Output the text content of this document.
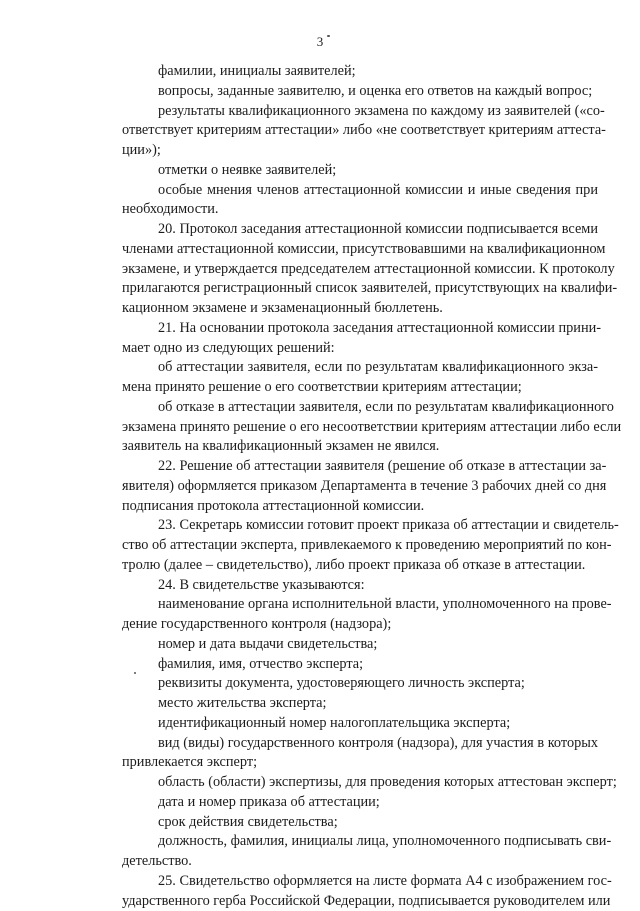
3
фамилии, инициалы заявителей;
вопросы, заданные заявителю, и оценка его ответов на каждый вопрос;
результаты квалификационного экзамена по каждому из заявителей («со-
ответствует критериям аттестации» либо «не соответствует критериям аттеста-
ции»);
отметки о неявке заявителей;
особые мнения членов аттестационной комиссии и иные сведения при
необходимости.
20. Протокол заседания аттестационной комиссии подписывается всеми
членами аттестационной комиссии, присутствовавшими на квалификационном
экзамене, и утверждается председателем аттестационной комиссии. К протоколу
прилагаются регистрационный список заявителей, присутствующих на квалифи-
кационном экзамене и экзаменационный бюллетень.
21. На основании протокола заседания аттестационной комиссии прини-
мает одно из следующих решений:
об аттестации заявителя, если по результатам квалификационного экза-
мена принято решение о его соответствии критериям аттестации;
об отказе в аттестации заявителя, если по результатам квалификационного
экзамена принято решение о его несоответствии критериям аттестации либо если
заявитель на квалификационный экзамен не явился.
22. Решение об аттестации заявителя (решение об отказе в аттестации за-
явителя) оформляется приказом Департамента в течение 3 рабочих дней со дня
подписания протокола аттестационной комиссии.
23. Секретарь комиссии готовит проект приказа об аттестации и свидетель-
ство об аттестации эксперта, привлекаемого к проведению мероприятий по кон-
тролю (далее – свидетельство), либо проект приказа об отказе в аттестации.
24. В свидетельстве указываются:
наименование органа исполнительной власти, уполномоченного на прове-
дение государственного контроля (надзора);
номер и дата выдачи свидетельства;
фамилия, имя, отчество эксперта;
реквизиты документа, удостоверяющего личность эксперта;
место жительства эксперта;
идентификационный номер налогоплательщика эксперта;
вид (виды) государственного контроля (надзора), для участия в которых
привлекается эксперт;
область (области) экспертизы, для проведения которых аттестован эксперт;
дата и номер приказа об аттестации;
срок действия свидетельства;
должность, фамилия, инициалы лица, уполномоченного подписывать сви-
детельство.
25. Свидетельство оформляется на листе формата А4 с изображением гос-
ударственного герба Российской Федерации, подписывается руководителем или
